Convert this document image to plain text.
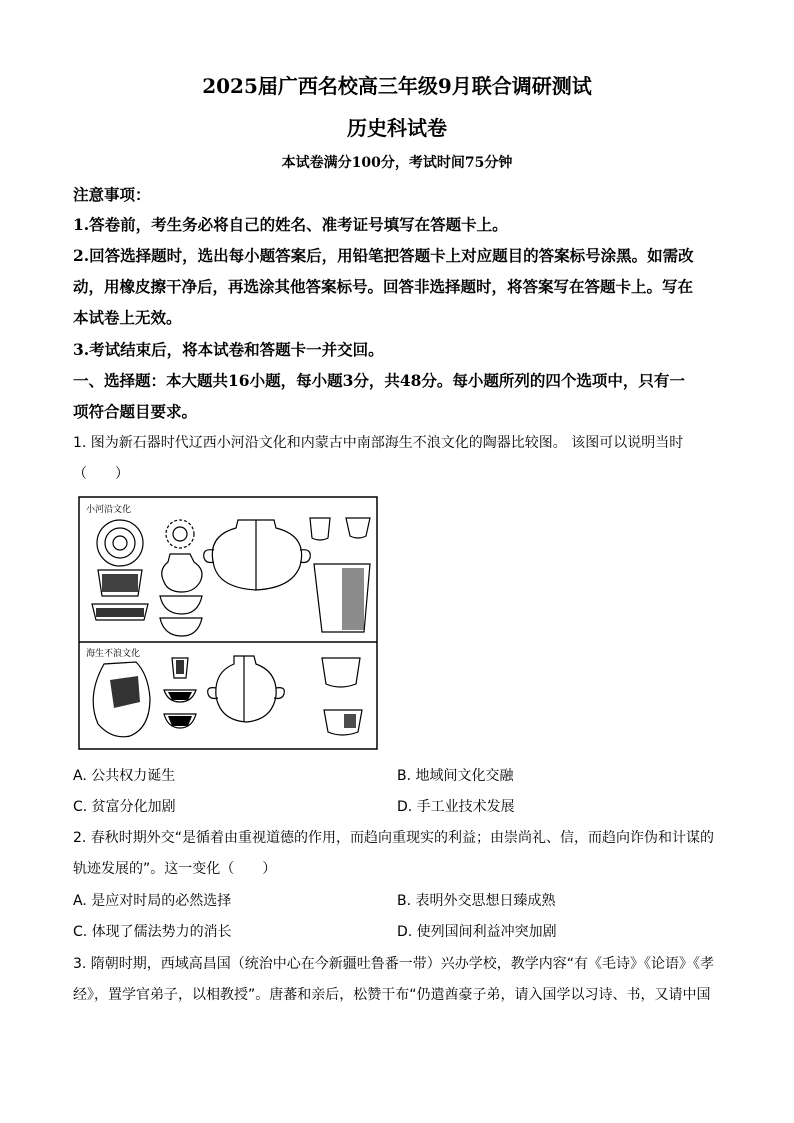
2025届广西名校高三年级9月联合调研测试
历史科试卷
本试卷满分100分，考试时间75分钟
注意事项：
1.答卷前，考生务必将自己的姓名、准考证号填写在答题卡上。
2.回答选择题时，选出每小题答案后，用铅笔把答题卡上对应题目的答案标号涂黑。如需改
动，用橡皮擦干净后，再选涂其他答案标号。回答非选择题时，将答案写在答题卡上。写在
本试卷上无效。
3.考试结束后，将本试卷和答题卡一并交回。
一、选择题：本大题共16小题，每小题3分，共48分。每小题所列的四个选项中，只有一
项符合题目要求。
1. 图为新石器时代辽西小河沿文化和内蒙古中南部海生不浪文化的陶器比较图。 该图可以说明当时
（　　）
小河沿文化
海生不浪文化
A. 公共权力诞生	B. 地域间文化交融
C. 贫富分化加剧	D. 手工业技术发展
2. 春秋时期外交“是循着由重视道德的作用，而趋向重现实的利益；由崇尚礼、信，而趋向诈伪和计谋的
轨迹发展的”。这一变化（　　）
A. 是应对时局的必然选择	B. 表明外交思想日臻成熟
C. 体现了儒法势力的消长	D. 使列国间利益冲突加剧
3. 隋朝时期，西域高昌国（统治中心在今新疆吐鲁番一带）兴办学校，教学内容“有《毛诗》《论语》《孝
经》，置学官弟子，以相教授”。唐蕃和亲后，松赞干布“仍遣酋豪子弟，请入国学以习诗、书，又请中国
